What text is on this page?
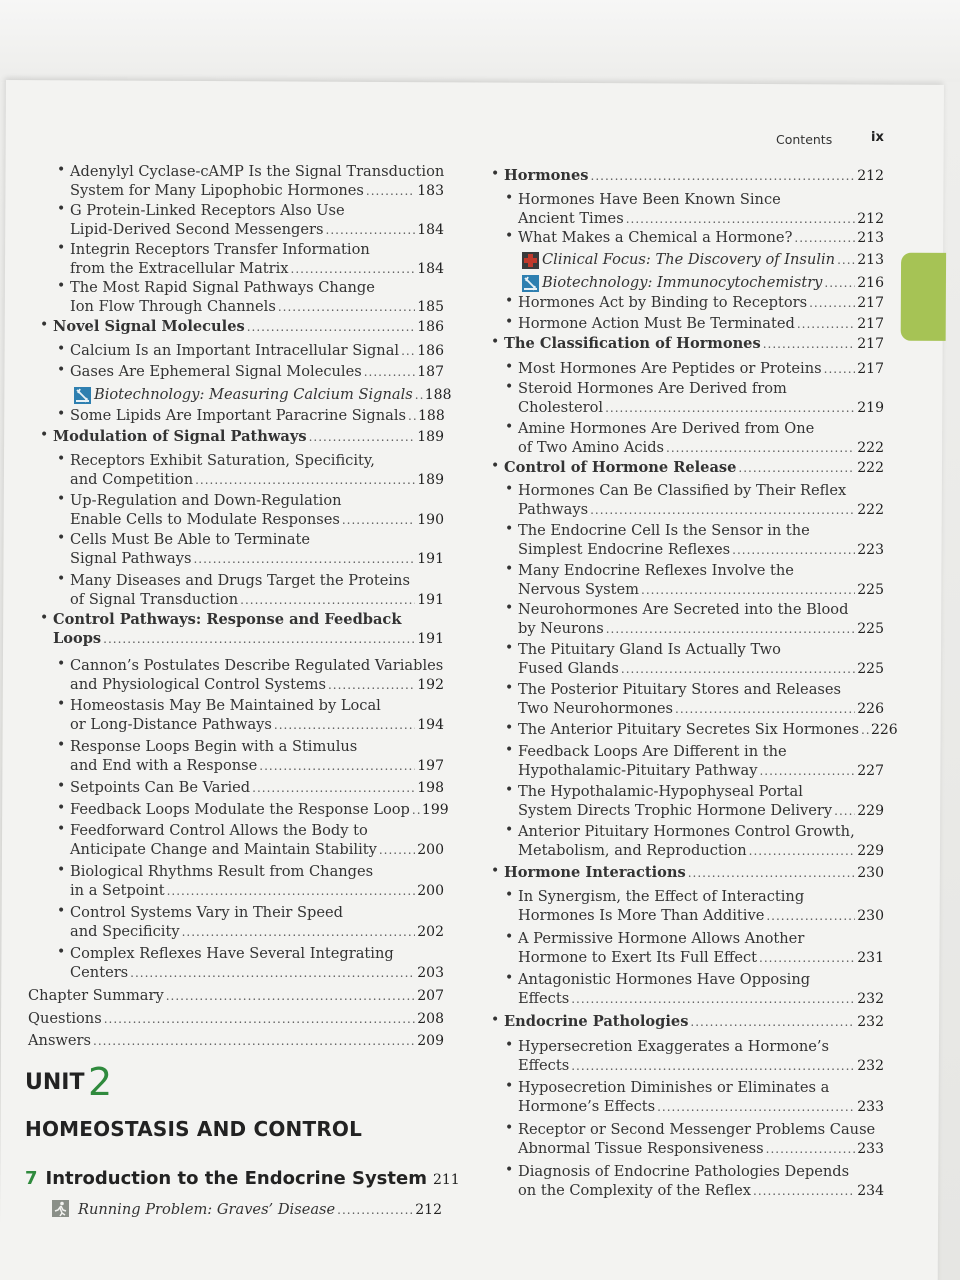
Contents	ix
• Adenylyl Cyclase-cAMP Is the Signal Transduction
System for Many Lipophobic Hormones .....	183
• G Protein-Linked Receptors Also Use
Lipid-Derived Second Messengers .....	184
• Integrin Receptors Transfer Information
from the Extracellular Matrix .....	184
• The Most Rapid Signal Pathways Change
Ion Flow Through Channels .....	185
• Novel Signal Molecules .....	186
• Calcium Is an Important Intracellular Signal ..... 186
• Gases Are Ephemeral Signal Molecules .....	187
Biotechnology: Measuring Calcium Signals ..... 188
• Some Lipids Are Important Paracrine Signals ..... 188
• Modulation of Signal Pathways .....	189
• Receptors Exhibit Saturation, Specificity,
and Competition .....	189
• Up-Regulation and Down-Regulation
Enable Cells to Modulate Responses .....	190
• Cells Must Be Able to Terminate
Signal Pathways .....	191
• Many Diseases and Drugs Target the Proteins
of Signal Transduction .....	191
• Control Pathways: Response and Feedback
Loops .....	191
• Cannon’s Postulates Describe Regulated Variables
and Physiological Control Systems .....	192
• Homeostasis May Be Maintained by Local
or Long-Distance Pathways .....	194
• Response Loops Begin with a Stimulus
and End with a Response .....	197
• Setpoints Can Be Varied .....	198
• Feedback Loops Modulate the Response Loop ..... 199
• Feedforward Control Allows the Body to
Anticipate Change and Maintain Stability .....	200
• Biological Rhythms Result from Changes
in a Setpoint .....	200
• Control Systems Vary in Their Speed
and Specificity .....	202
• Complex Reflexes Have Several Integrating
Centers .....	203
Chapter Summary .....	207
Questions .....	208
Answers .....	209
• Hormones .....	212
• Hormones Have Been Known Since
Ancient Times .....	212
• What Makes a Chemical a Hormone? .....	213
Clinical Focus: The Discovery of Insulin ..... 213
Biotechnology: Immunocytochemistry ..... 216
• Hormones Act by Binding to Receptors .....	217
• Hormone Action Must Be Terminated .....	217
• The Classification of Hormones .....	217
• Most Hormones Are Peptides or Proteins .....	217
• Steroid Hormones Are Derived from
Cholesterol .....	219
• Amine Hormones Are Derived from One
of Two Amino Acids .....	222
• Control of Hormone Release .....	222
• Hormones Can Be Classified by Their Reflex
Pathways .....	222
• The Endocrine Cell Is the Sensor in the
Simplest Endocrine Reflexes .....	223
• Many Endocrine Reflexes Involve the
Nervous System .....	225
• Neurohormones Are Secreted into the Blood
by Neurons .....	225
• The Pituitary Gland Is Actually Two
Fused Glands .....	225
• The Posterior Pituitary Stores and Releases
Two Neurohormones .....	226
• The Anterior Pituitary Secretes Six Hormones ..... 226
• Feedback Loops Are Different in the
Hypothalamic-Pituitary Pathway .....	227
• The Hypothalamic-Hypophyseal Portal
System Directs Trophic Hormone Delivery ..... 229
• Anterior Pituitary Hormones Control Growth,
Metabolism, and Reproduction .....	229
• Hormone Interactions .....	230
• In Synergism, the Effect of Interacting
Hormones Is More Than Additive .....	230
• A Permissive Hormone Allows Another
Hormone to Exert Its Full Effect .....	231
• Antagonistic Hormones Have Opposing
Effects .....	232
• Endocrine Pathologies .....	232
• Hypersecretion Exaggerates a Hormone’s
Effects .....	232
• Hyposecretion Diminishes or Eliminates a
Hormone’s Effects .....	233
• Receptor or Second Messenger Problems Cause
Abnormal Tissue Responsiveness .....	233
• Diagnosis of Endocrine Pathologies Depends
on the Complexity of the Reflex .....	234
UNIT 2
HOMEOSTASIS AND CONTROL
7 Introduction to the Endocrine System 211
Running Problem: Graves’ Disease .....	212
